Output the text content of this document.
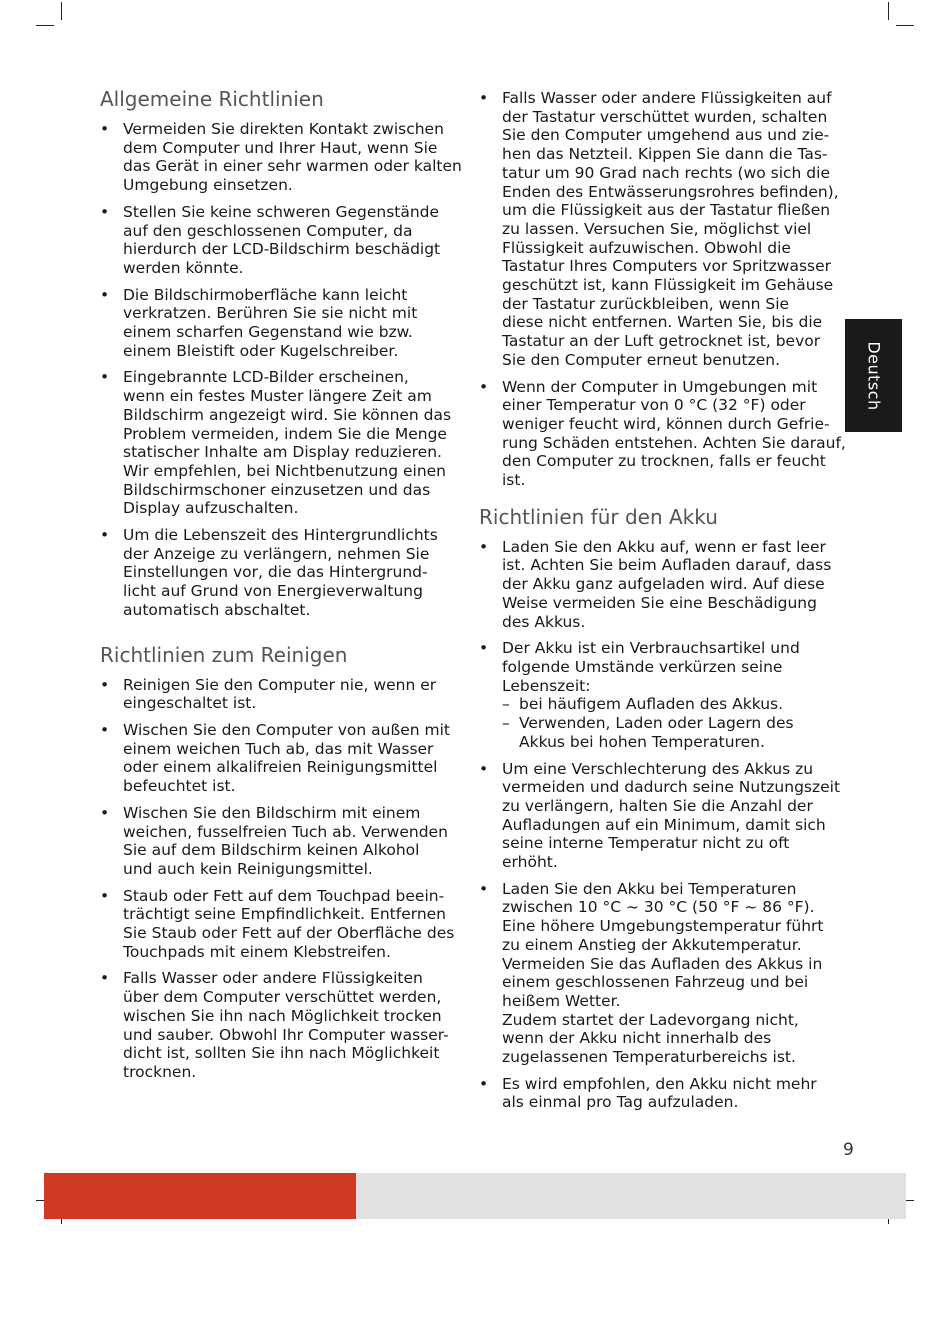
Allgemeine Richtlinien
• Vermeiden Sie direkten Kontakt zwischen
dem Computer und Ihrer Haut, wenn Sie
das Gerät in einer sehr warmen oder kalten
Umgebung einsetzen.
• Stellen Sie keine schweren Gegenstände
auf den geschlossenen Computer, da
hierdurch der LCD-Bildschirm beschädigt
werden könnte.
• Die Bildschirmoberfläche kann leicht
verkratzen. Berühren Sie sie nicht mit
einem scharfen Gegenstand wie bzw.
einem Bleistift oder Kugelschreiber.
• Eingebrannte LCD-Bilder erscheinen,
wenn ein festes Muster längere Zeit am
Bildschirm angezeigt wird. Sie können das
Problem vermeiden, indem Sie die Menge
statischer Inhalte am Display reduzieren.
Wir empfehlen, bei Nichtbenutzung einen
Bildschirmschoner einzusetzen und das
Display aufzuschalten.
• Um die Lebenszeit des Hintergrundlichts
der Anzeige zu verlängern, nehmen Sie
Einstellungen vor, die das Hintergrund-
licht auf Grund von Energieverwaltung
automatisch abschaltet.
Richtlinien zum Reinigen
• Reinigen Sie den Computer nie, wenn er
eingeschaltet ist.
• Wischen Sie den Computer von außen mit
einem weichen Tuch ab, das mit Wasser
oder einem alkalifreien Reinigungsmittel
befeuchtet ist.
• Wischen Sie den Bildschirm mit einem
weichen, fusselfreien Tuch ab. Verwenden
Sie auf dem Bildschirm keinen Alkohol
und auch kein Reinigungsmittel.
• Staub oder Fett auf dem Touchpad beein-
trächtigt seine Empfindlichkeit. Entfernen
Sie Staub oder Fett auf der Oberfläche des
Touchpads mit einem Klebstreifen.
• Falls Wasser oder andere Flüssigkeiten
über dem Computer verschüttet werden,
wischen Sie ihn nach Möglichkeit trocken
und sauber. Obwohl Ihr Computer wasser-
dicht ist, sollten Sie ihn nach Möglichkeit
trocknen.
• Falls Wasser oder andere Flüssigkeiten auf
der Tastatur verschüttet wurden, schalten
Sie den Computer umgehend aus und zie-
hen das Netzteil. Kippen Sie dann die Tas-
tatur um 90 Grad nach rechts (wo sich die
Enden des Entwässerungsrohres befinden),
um die Flüssigkeit aus der Tastatur fließen
zu lassen. Versuchen Sie, möglichst viel
Flüssigkeit aufzuwischen. Obwohl die
Tastatur Ihres Computers vor Spritzwasser
geschützt ist, kann Flüssigkeit im Gehäuse
der Tastatur zurückbleiben, wenn Sie
diese nicht entfernen. Warten Sie, bis die
Tastatur an der Luft getrocknet ist, bevor
Sie den Computer erneut benutzen.
• Wenn der Computer in Umgebungen mit
einer Temperatur von 0 °C (32 °F) oder
weniger feucht wird, können durch Gefrie-
rung Schäden entstehen. Achten Sie darauf,
den Computer zu trocknen, falls er feucht
ist.
Richtlinien für den Akku
• Laden Sie den Akku auf, wenn er fast leer
ist. Achten Sie beim Aufladen darauf, dass
der Akku ganz aufgeladen wird. Auf diese
Weise vermeiden Sie eine Beschädigung
des Akkus.
• Der Akku ist ein Verbrauchsartikel und
folgende Umstände verkürzen seine
Lebenszeit:
– bei häufigem Aufladen des Akkus.
– Verwenden, Laden oder Lagern des
Akkus bei hohen Temperaturen.
• Um eine Verschlechterung des Akkus zu
vermeiden und dadurch seine Nutzungszeit
zu verlängern, halten Sie die Anzahl der
Aufladungen auf ein Minimum, damit sich
seine interne Temperatur nicht zu oft
erhöht.
• Laden Sie den Akku bei Temperaturen
zwischen 10 °C ~ 30 °C (50 °F ~ 86 °F).
Eine höhere Umgebungstemperatur führt
zu einem Anstieg der Akkutemperatur.
Vermeiden Sie das Aufladen des Akkus in
einem geschlossenen Fahrzeug und bei
heißem Wetter.
Zudem startet der Ladevorgang nicht,
wenn der Akku nicht innerhalb des
zugelassenen Temperaturbereichs ist.
• Es wird empfohlen, den Akku nicht mehr
als einmal pro Tag aufzuladen.
Deutsch
9
